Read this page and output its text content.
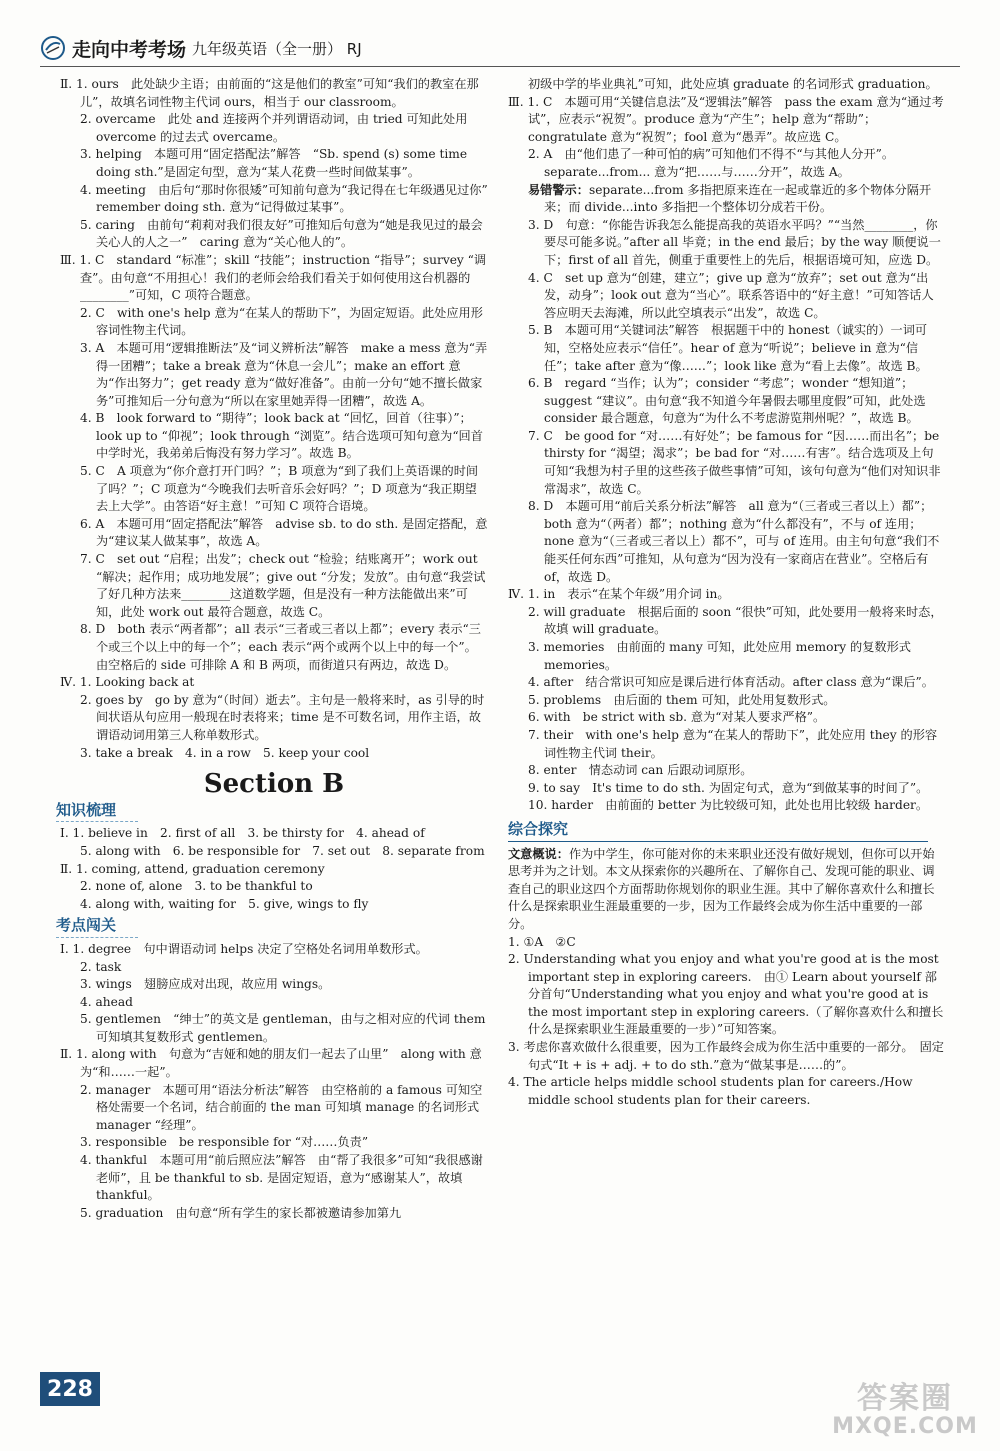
走向中考考场 九年级英语（全一册） RJ

Ⅱ. 1. ours　此处缺少主语；由前面的“这是他们的教室”可知“我们的教室在那儿”，故填名词性物主代词 ours，相当于 our classroom。

2. overcame　此处 and 连接两个并列谓语动词，由 tried 可知此处用 overcome 的过去式 overcame。

3. helping　本题可用“固定搭配法”解答　“Sb. spend (s) some time doing sth.”是固定句型，意为“某人花费一些时间做某事”。

4. meeting　由后句“那时你很矮”可知前句意为“我记得在七年级遇见过你”　remember doing sth. 意为“记得做过某事”。

5. caring　由前句“莉莉对我们很友好”可推知后句意为“她是我见过的最会关心人的人之一”　caring 意为“关心他人的”。

Ⅲ. 1. C　standard “标准”；skill “技能”；instruction “指导”；survey “调查”。由句意“不用担心！我们的老师会给我们看关于如何使用这台机器的________”可知，C 项符合题意。

2. C　with one's help 意为“在某人的帮助下”，为固定短语。此处应用形容词性物主代词。

3. A　本题可用“逻辑推断法”及“词义辨析法”解答　make a mess 意为“弄得一团糟”；take a break 意为“休息一会儿”；make an effort 意为“作出努力”；get ready 意为“做好准备”。由前一分句“她不擅长做家务”可推知后一分句意为“所以在家里她弄得一团糟”，故选 A。

4. B　look forward to “期待”；look back at “回忆，回首（往事）”；look up to “仰视”；look through “浏览”。结合选项可知句意为“回首中学时光，我弟弟后悔没有努力学习”。故选 B。

5. C　A 项意为“你介意打开门吗？”；B 项意为“到了我们上英语课的时间了吗？”；C 项意为“今晚我们去听音乐会好吗？”；D 项意为“我正期望去上大学”。由答语“好主意！”可知 C 项符合语境。

6. A　本题可用“固定搭配法”解答　advise sb. to do sth. 是固定搭配，意为“建议某人做某事”，故选 A。

7. C　set out “启程；出发”；check out “检验；结账离开”；work out “解决；起作用；成功地发展”；give out “分发；发放”。由句意“我尝试了好几种方法来________这道数学题，但是没有一种方法能做出来”可知，此处 work out 最符合题意，故选 C。

8. D　both 表示“两者都”；all 表示“三者或三者以上都”；every 表示“三个或三个以上中的每一个”；each 表示“两个或两个以上中的每一个”。由空格后的 side 可排除 A 和 B 两项，而街道只有两边，故选 D。

Ⅳ. 1. Looking back at

2. goes by　go by 意为“（时间）逝去”。主句是一般将来时，as 引导的时间状语从句应用一般现在时表将来；time 是不可数名词，用作主语，故谓语动词用第三人称单数形式。

3. take a break　4. in a row　5. keep your cool

Section B
知识梳理

Ⅰ. 1. believe in　2. first of all　3. be thirsty for　4. ahead of

5. along with　6. be responsible for　7. set out　8. separate from

Ⅱ. 1. coming, attend, graduation ceremony

2. none of, alone　3. to be thankful to

4. along with, waiting for　5. give, wings to fly

考点闯关

Ⅰ. 1. degree　句中谓语动词 helps 决定了空格处名词用单数形式。

2. task

3. wings　翅膀应成对出现，故应用 wings。

4. ahead

5. gentlemen　“绅士”的英文是 gentleman，由与之相对应的代词 them 可知填其复数形式 gentlemen。

Ⅱ. 1. along with　句意为“吉娅和她的朋友们一起去了山里”　along with 意为“和……一起”。

2. manager　本题可用“语法分析法”解答　由空格前的 a famous 可知空格处需要一个名词，结合前面的 the man 可知填 manage 的名词形式 manager “经理”。

3. responsible　be responsible for “对……负责”

4. thankful　本题可用“前后照应法”解答　由“帮了我很多”可知“我很感谢老师”，且 be thankful to sb. 是固定短语，意为“感谢某人”，故填 thankful。

5. graduation　由句意“所有学生的家长都被邀请参加第九

初级中学的毕业典礼”可知，此处应填 graduate 的名词形式 graduation。

Ⅲ. 1. C　本题可用“关键信息法”及“逻辑法”解答　pass the exam 意为“通过考试”，应表示“祝贺”。produce 意为“产生”；help 意为“帮助”；congratulate 意为“祝贺”；fool 意为“愚弄”。故应选 C。

2. A　由“他们患了一种可怕的病”可知他们不得不“与其他人分开”。separate...from... 意为“把……与……分开”，故选 A。

易错警示：separate...from 多指把原来连在一起或靠近的多个物体分隔开来；而 divide...into 多指把一个整体切分成若干份。

3. D　句意：“你能告诉我怎么能提高我的英语水平吗？”“当然________，你要尽可能多说。”after all 毕竟；in the end 最后；by the way 顺便说一下；first of all 首先，侧重于重要性上的先后，根据语境可知，应选 D。

4. C　set up 意为“创建，建立”；give up 意为“放弃”；set out 意为“出发，动身”；look out 意为“当心”。联系答语中的“好主意！”可知答话人答应明天去海滩，所以此空填表示“出发”，故选 C。

5. B　本题可用“关键词法”解答　根据题干中的 honest（诚实的）一词可知，空格处应表示“信任”。hear of 意为“听说”；believe in 意为“信任”；take after 意为“像……”；look like 意为“看上去像”。故选 B。

6. B　regard “当作；认为”；consider “考虑”；wonder “想知道”；suggest “建议”。由句意“我不知道今年暑假去哪里度假”可知，此处选 consider 最合题意，句意为“为什么不考虑游览荆州呢？”，故选 B。

7. C　be good for “对……有好处”；be famous for “因……而出名”；be thirsty for “渴望；渴求”；be bad for “对……有害”。结合选项及上句可知“我想为村子里的这些孩子做些事情”可知，该句句意为“他们对知识非常渴求”，故选 C。

8. D　本题可用“前后关系分析法”解答　all 意为“（三者或三者以上）都”；both 意为“（两者）都”；nothing 意为“什么都没有”，不与 of 连用；none 意为“（三者或三者以上）都不”，可与 of 连用。由主句句意“我们不能买任何东西”可推知，从句意为“因为没有一家商店在营业”。空格后有 of，故选 D。

Ⅳ. 1. in　表示“在某个年级”用介词 in。

2. will graduate　根据后面的 soon “很快”可知，此处要用一般将来时态，故填 will graduate。

3. memories　由前面的 many 可知，此处应用 memory 的复数形式 memories。

4. after　结合常识可知应是课后进行体育活动。after class 意为“课后”。

5. problems　由后面的 them 可知，此处用复数形式。

6. with　be strict with sb. 意为“对某人要求严格”。

7. their　with one's help 意为“在某人的帮助下”，此处应用 they 的形容词性物主代词 their。

8. enter　情态动词 can 后跟动词原形。

9. to say　It's time to do sth. 为固定句式，意为“到做某事的时间了”。

10. harder　由前面的 better 为比较级可知，此处也用比较级 harder。

综合探究

文意概说：作为中学生，你可能对你的未来职业还没有做好规划，但你可以开始思考并为之计划。本文从探索你的兴趣所在、了解你自己、发现可能的职业、调查自己的职业这四个方面帮助你规划你的职业生涯。其中了解你喜欢什么和擅长什么是探索职业生涯最重要的一步，因为工作最终会成为你生活中重要的一部分。

1. ①A　②C

2. Understanding what you enjoy and what you're good at is the most important step in exploring careers.　由① Learn about yourself 部分首句“Understanding what you enjoy and what you're good at is the most important step in exploring careers.（了解你喜欢什么和擅长什么是探索职业生涯最重要的一步）”可知答案。

3. 考虑你喜欢做什么很重要，因为工作最终会成为你生活中重要的一部分。　固定句式“It + is + adj. + to do sth.”意为“做某事是……的”。

4. The article helps middle school students plan for careers./How middle school students plan for their careers.

228	答案圈
MXQE.COM
